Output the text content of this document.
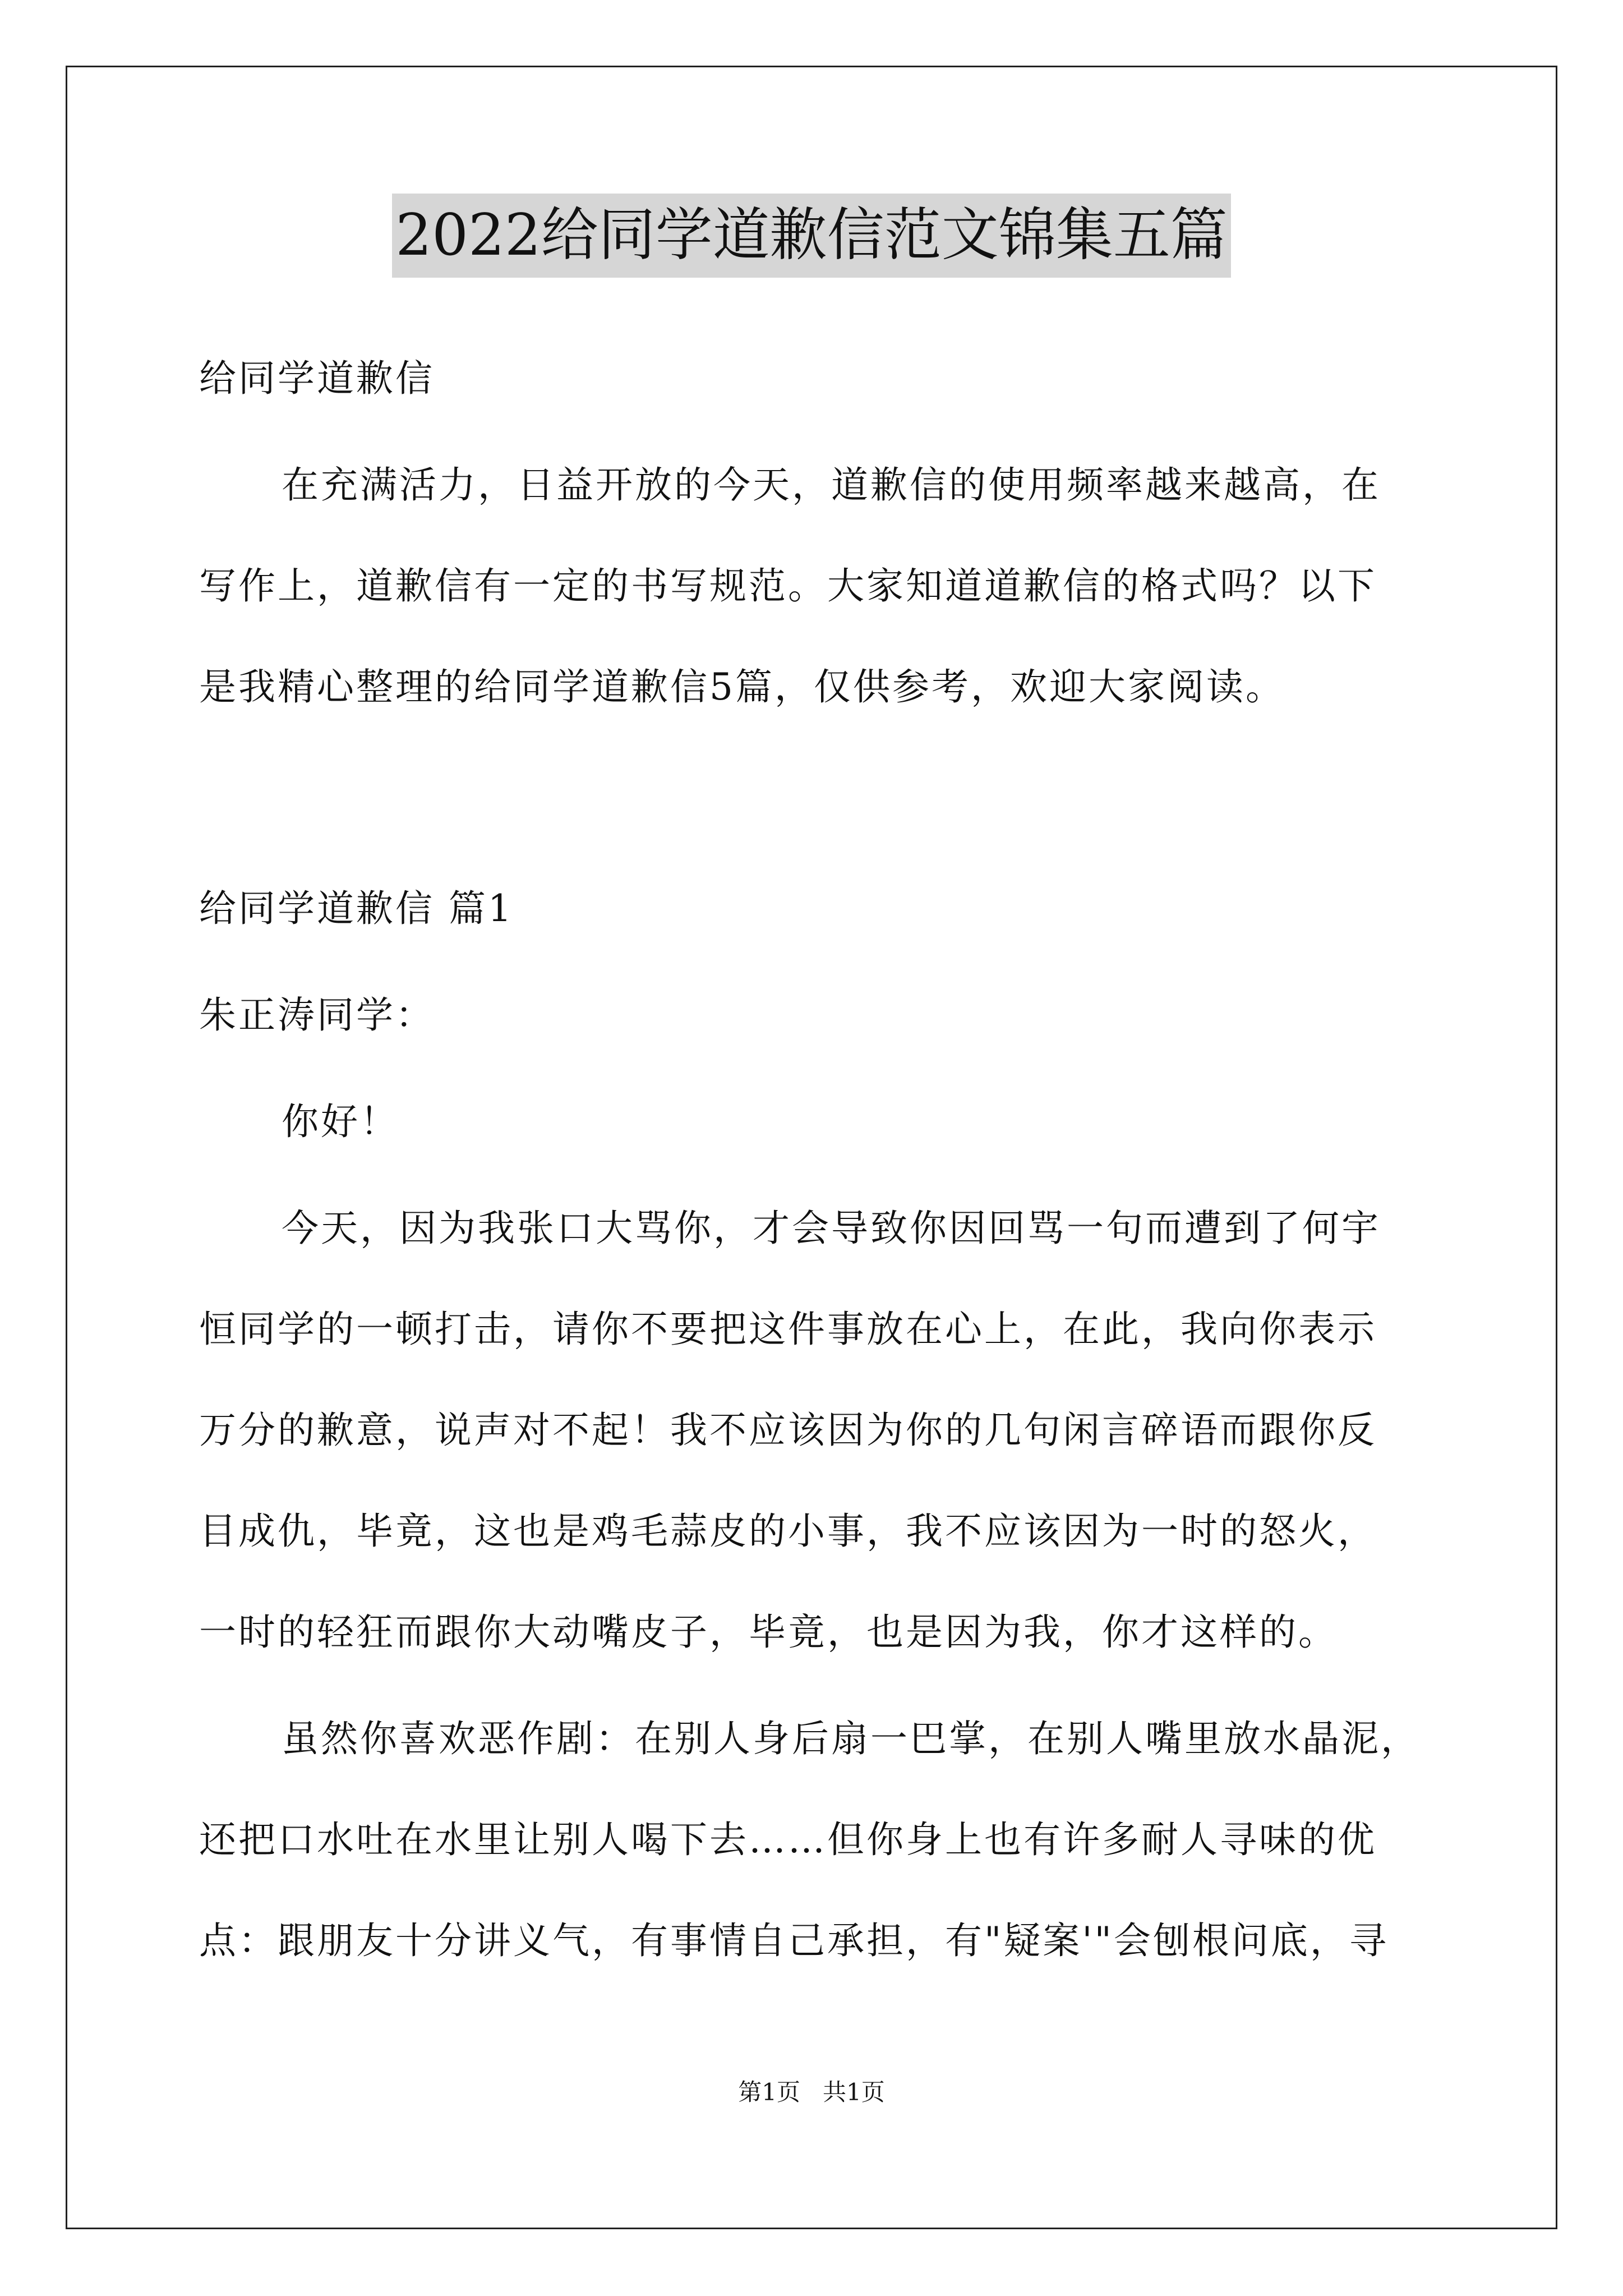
2022给同学道歉信范文锦集五篇
给同学道歉信
在充满活力，日益开放的今天，道歉信的使用频率越来越高，在
写作上，道歉信有一定的书写规范。大家知道道歉信的格式吗？以下
是我精心整理的给同学道歉信5篇，仅供参考，欢迎大家阅读。
给同学道歉信 篇1
朱正涛同学：
你好！
今天，因为我张口大骂你，才会导致你因回骂一句而遭到了何宇
恒同学的一顿打击，请你不要把这件事放在心上，在此，我向你表示
万分的歉意，说声对不起！我不应该因为你的几句闲言碎语而跟你反
目成仇，毕竟，这也是鸡毛蒜皮的小事，我不应该因为一时的怒火，
一时的轻狂而跟你大动嘴皮子，毕竟，也是因为我，你才这样的。
虽然你喜欢恶作剧：在别人身后扇一巴掌，在别人嘴里放水晶泥，
还把口水吐在水里让别人喝下去……但你身上也有许多耐人寻味的优
点：跟朋友十分讲义气，有事情自己承担，有"疑案'"会刨根问底，寻
第1页 共1页
